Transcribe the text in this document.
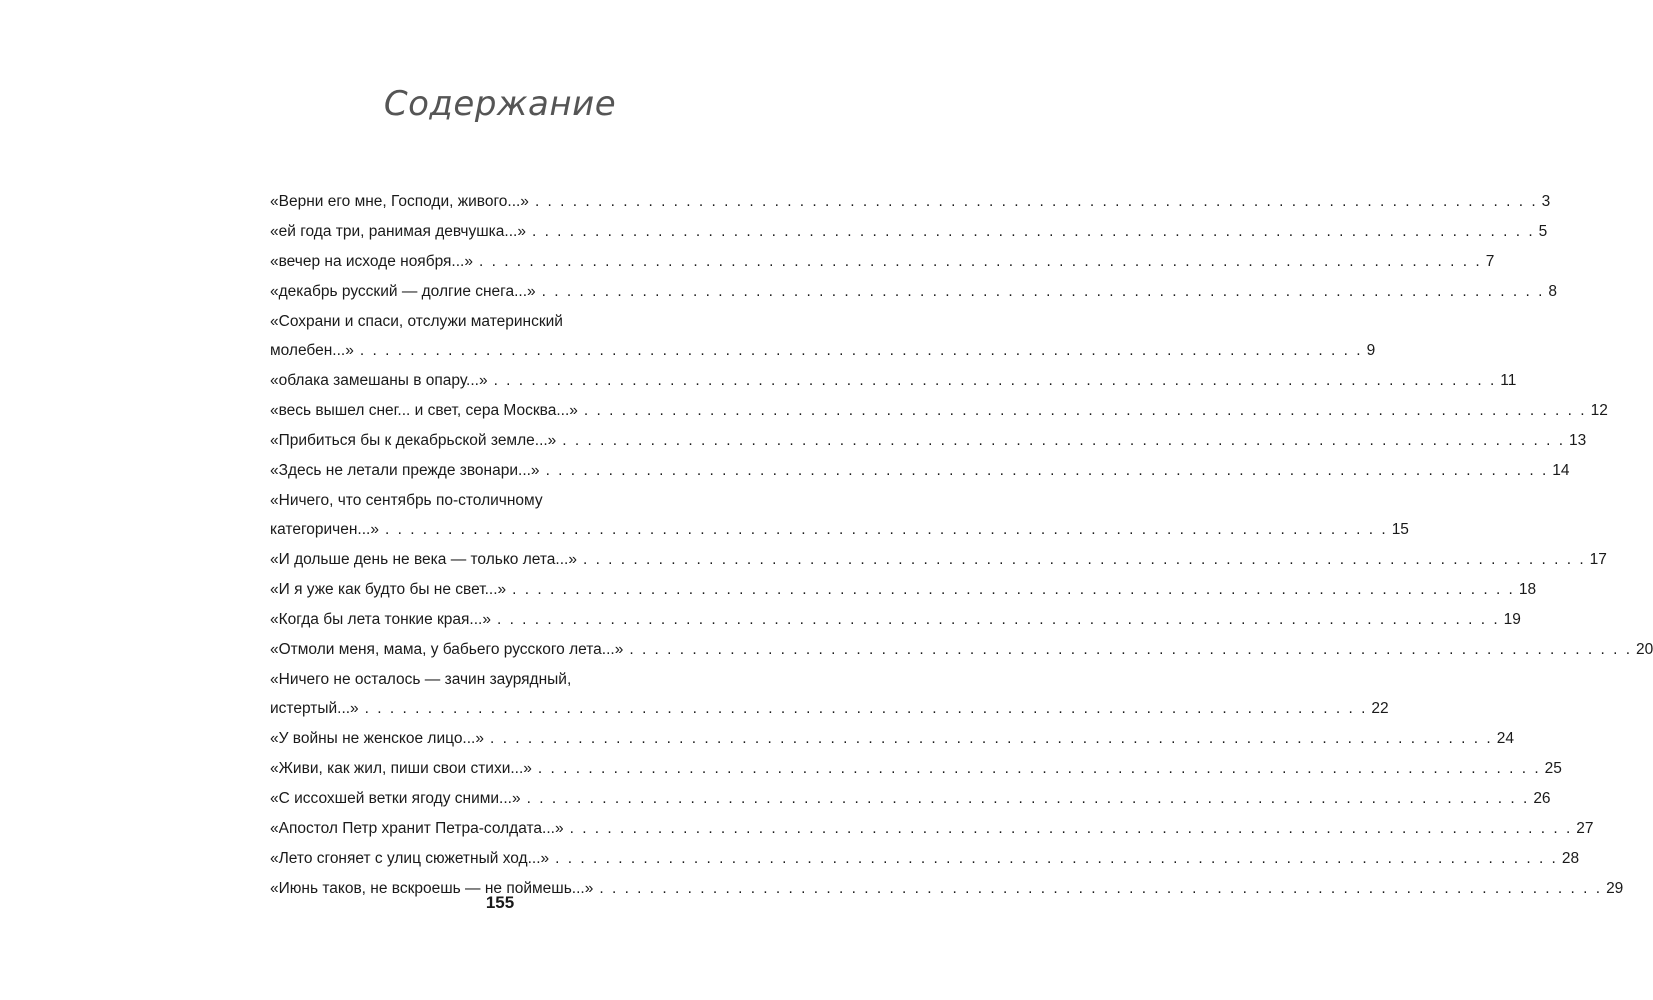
Содержание
«Верни его мне, Господи, живого...» . . . . . . . . . . . . . . . . . . . . . . . . . . . . . . . . . . . . . . . . . . . . . . . . . . . . . . . . . . . . . . . . . . . . . . . . . . . . . . . . 3
«ей года три, ранимая девчушка...» . . . . . . . . . . . . . . . . . . . . . . . . . . . . . . . . . . . . . . . . . . . . . . . . . . . . . . . . . . . . . . . . . . . . . . . . . . . . . . . . 5
«вечер на исходе ноября...» . . . . . . . . . . . . . . . . . . . . . . . . . . . . . . . . . . . . . . . . . . . . . . . . . . . . . . . . . . . . . . . . . . . . . . . . . . . . . . . . 7
«декабрь русский — долгие снега...» . . . . . . . . . . . . . . . . . . . . . . . . . . . . . . . . . . . . . . . . . . . . . . . . . . . . . . . . . . . . . . . . . . . . . . . . . . . . . . . . 8
«Сохрани и спаси, отслужи материнский
молебен...» . . . . . . . . . . . . . . . . . . . . . . . . . . . . . . . . . . . . . . . . . . . . . . . . . . . . . . . . . . . . . . . . . . . . . . . . . . . . . . . . 9
«облака замешаны в опару...» . . . . . . . . . . . . . . . . . . . . . . . . . . . . . . . . . . . . . . . . . . . . . . . . . . . . . . . . . . . . . . . . . . . . . . . . . . . . . . . . 11
«весь вышел снег... и свет, сера Москва...» . . . . . . . . . . . . . . . . . . . . . . . . . . . . . . . . . . . . . . . . . . . . . . . . . . . . . . . . . . . . . . . . . . . . . . . . . . . . . . . . 12
«Прибиться бы к декабрьской земле...» . . . . . . . . . . . . . . . . . . . . . . . . . . . . . . . . . . . . . . . . . . . . . . . . . . . . . . . . . . . . . . . . . . . . . . . . . . . . . . . . 13
«Здесь не летали прежде звонари...» . . . . . . . . . . . . . . . . . . . . . . . . . . . . . . . . . . . . . . . . . . . . . . . . . . . . . . . . . . . . . . . . . . . . . . . . . . . . . . . . 14
«Ничего, что сентябрь по-столичному
категоричен...» . . . . . . . . . . . . . . . . . . . . . . . . . . . . . . . . . . . . . . . . . . . . . . . . . . . . . . . . . . . . . . . . . . . . . . . . . . . . . . . . 15
«И дольше день не века — только лета...» . . . . . . . . . . . . . . . . . . . . . . . . . . . . . . . . . . . . . . . . . . . . . . . . . . . . . . . . . . . . . . . . . . . . . . . . . . . . . . . . 17
«И я уже как будто бы не свет...» . . . . . . . . . . . . . . . . . . . . . . . . . . . . . . . . . . . . . . . . . . . . . . . . . . . . . . . . . . . . . . . . . . . . . . . . . . . . . . . . 18
«Когда бы лета тонкие края...» . . . . . . . . . . . . . . . . . . . . . . . . . . . . . . . . . . . . . . . . . . . . . . . . . . . . . . . . . . . . . . . . . . . . . . . . . . . . . . . . 19
«Отмоли меня, мама, у бабьего русского лета...» . . . . . . . . . . . . . . . . . . . . . . . . . . . . . . . . . . . . . . . . . . . . . . . . . . . . . . . . . . . . . . . . . . . . . . . . . . . . . . . . 20
«Ничего не осталось — зачин заурядный,
истертый...» . . . . . . . . . . . . . . . . . . . . . . . . . . . . . . . . . . . . . . . . . . . . . . . . . . . . . . . . . . . . . . . . . . . . . . . . . . . . . . . . 22
«У войны не женское лицо...» . . . . . . . . . . . . . . . . . . . . . . . . . . . . . . . . . . . . . . . . . . . . . . . . . . . . . . . . . . . . . . . . . . . . . . . . . . . . . . . . 24
«Живи, как жил, пиши свои стихи...» . . . . . . . . . . . . . . . . . . . . . . . . . . . . . . . . . . . . . . . . . . . . . . . . . . . . . . . . . . . . . . . . . . . . . . . . . . . . . . . . 25
«С иссохшей ветки ягоду сними...» . . . . . . . . . . . . . . . . . . . . . . . . . . . . . . . . . . . . . . . . . . . . . . . . . . . . . . . . . . . . . . . . . . . . . . . . . . . . . . . . 26
«Апостол Петр хранит Петра-солдата...» . . . . . . . . . . . . . . . . . . . . . . . . . . . . . . . . . . . . . . . . . . . . . . . . . . . . . . . . . . . . . . . . . . . . . . . . . . . . . . . . 27
«Лето сгоняет с улиц сюжетный ход...» . . . . . . . . . . . . . . . . . . . . . . . . . . . . . . . . . . . . . . . . . . . . . . . . . . . . . . . . . . . . . . . . . . . . . . . . . . . . . . . . 28
«Июнь таков, не вскроешь — не поймешь...» . . . . . . . . . . . . . . . . . . . . . . . . . . . . . . . . . . . . . . . . . . . . . . . . . . . . . . . . . . . . . . . . . . . . . . . . . . . . . . . . 29
155
